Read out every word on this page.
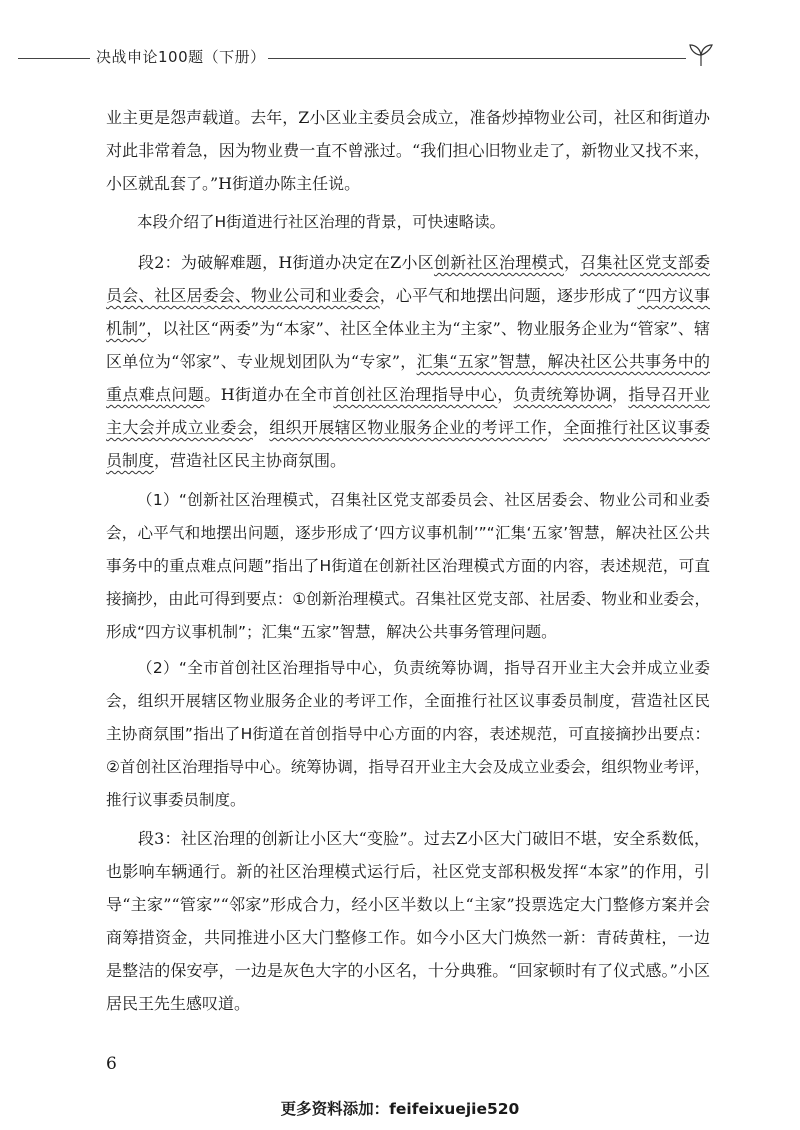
决战申论100题（下册）

业主更是怨声载道。去年，Z小区业主委员会成立，准备炒掉物业公司，社区和街道办对此非常着急，因为物业费一直不曾涨过。“我们担心旧物业走了，新物业又找不来，小区就乱套了。”H街道办陈主任说。

本段介绍了H街道进行社区治理的背景，可快速略读。

段2：为破解难题，H街道办决定在Z小区创新社区治理模式，召集社区党支部委员会、社区居委会、物业公司和业委会，心平气和地摆出问题，逐步形成了“四方议事机制”，以社区“两委”为“本家”、社区全体业主为“主家”、物业服务企业为“管家”、辖区单位为“邻家”、专业规划团队为“专家”，汇集“五家”智慧，解决社区公共事务中的重点难点问题。H街道办在全市首创社区治理指导中心，负责统筹协调，指导召开业主大会并成立业委会，组织开展辖区物业服务企业的考评工作，全面推行社区议事委员制度，营造社区民主协商氛围。

（1）“创新社区治理模式，召集社区党支部委员会、社区居委会、物业公司和业委会，心平气和地摆出问题，逐步形成了‘四方议事机制’”“汇集‘五家’智慧，解决社区公共事务中的重点难点问题”指出了H街道在创新社区治理模式方面的内容，表述规范，可直接摘抄，由此可得到要点：①创新治理模式。召集社区党支部、社居委、物业和业委会，形成“四方议事机制”；汇集“五家”智慧，解决公共事务管理问题。

（2）“全市首创社区治理指导中心，负责统筹协调，指导召开业主大会并成立业委会，组织开展辖区物业服务企业的考评工作，全面推行社区议事委员制度，营造社区民主协商氛围”指出了H街道在首创指导中心方面的内容，表述规范，可直接摘抄出要点：②首创社区治理指导中心。统筹协调，指导召开业主大会及成立业委会，组织物业考评，推行议事委员制度。

段3：社区治理的创新让小区大“变脸”。过去Z小区大门破旧不堪，安全系数低，也影响车辆通行。新的社区治理模式运行后，社区党支部积极发挥“本家”的作用，引导“主家”“管家”“邻家”形成合力，经小区半数以上“主家”投票选定大门整修方案并会商筹措资金，共同推进小区大门整修工作。如今小区大门焕然一新：青砖黄柱，一边是整洁的保安亭，一边是灰色大字的小区名，十分典雅。“回家顿时有了仪式感。”小区居民王先生感叹道。

6
更多资料添加：feifeixuejie520
